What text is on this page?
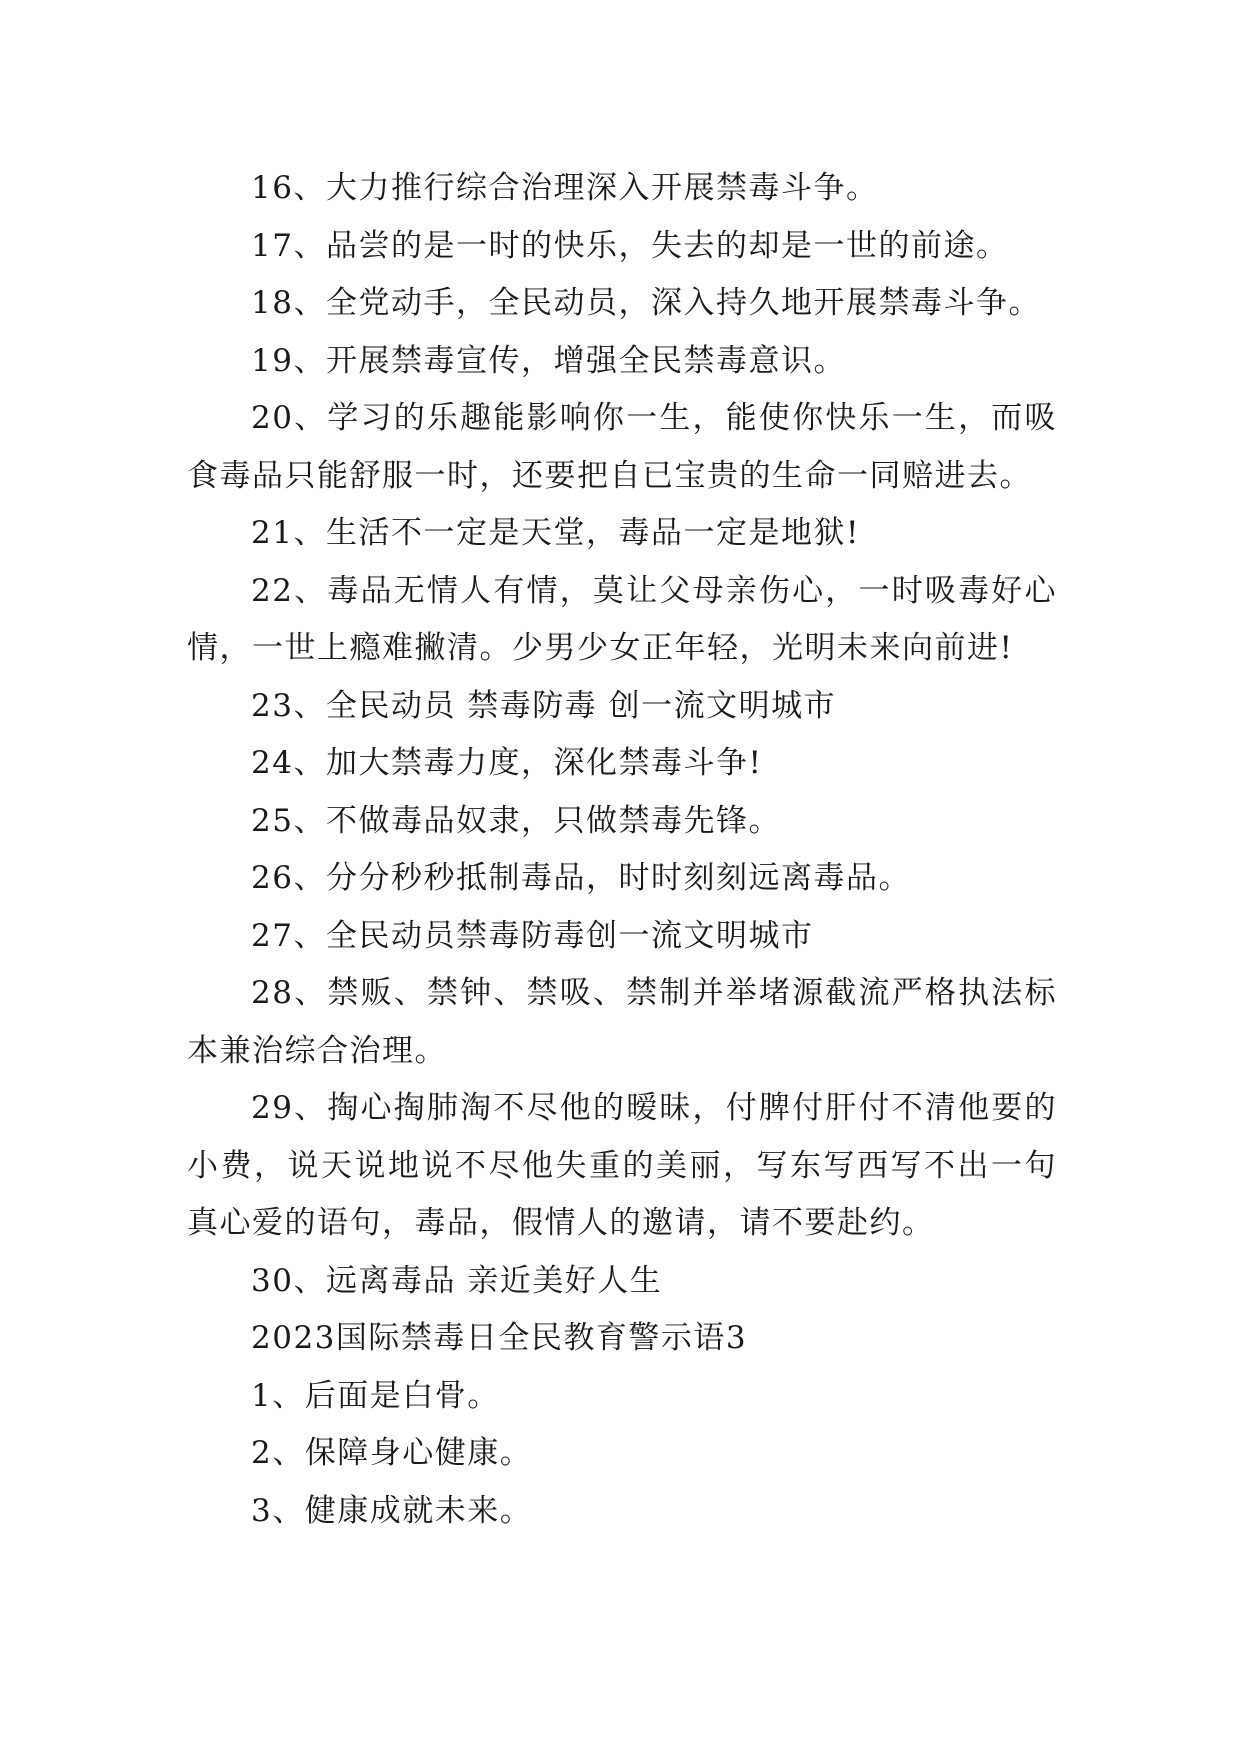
16、大力推行综合治理深入开展禁毒斗争。

17、品尝的是一时的快乐，失去的却是一世的前途。

18、全党动手，全民动员，深入持久地开展禁毒斗争。

19、开展禁毒宣传，增强全民禁毒意识。

20、学习的乐趣能影响你一生，能使你快乐一生，而吸食毒品只能舒服一时，还要把自已宝贵的生命一同赔进去。

21、生活不一定是天堂，毒品一定是地狱!

22、毒品无情人有情，莫让父母亲伤心，一时吸毒好心情，一世上瘾难撇清。少男少女正年轻，光明未来向前进!

23、全民动员 禁毒防毒 创一流文明城市

24、加大禁毒力度，深化禁毒斗争!

25、不做毒品奴隶，只做禁毒先锋。

26、分分秒秒抵制毒品，时时刻刻远离毒品。

27、全民动员禁毒防毒创一流文明城市

28、禁贩、禁钟、禁吸、禁制并举堵源截流严格执法标本兼治综合治理。

29、掏心掏肺淘不尽他的暧昧，付脾付肝付不清他要的小费，说天说地说不尽他失重的美丽，写东写西写不出一句真心爱的语句，毒品，假情人的邀请，请不要赴约。

30、远离毒品 亲近美好人生

2023国际禁毒日全民教育警示语3

1、后面是白骨。

2、保障身心健康。

3、健康成就未来。
